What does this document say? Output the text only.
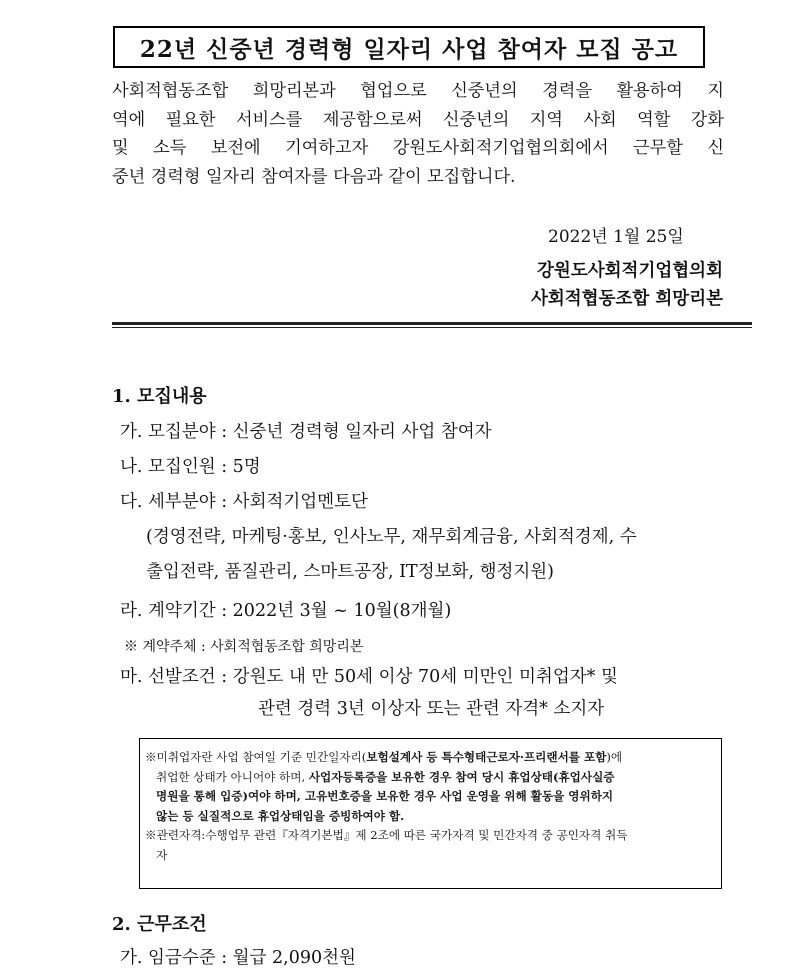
22년 신중년 경력형 일자리 사업 참여자 모집 공고
사회적협동조합 희망리본과 협업으로 신중년의 경력을 활용하여 지
역에 필요한 서비스를 제공함으로써 신중년의 지역 사회 역할 강화
및 소득 보전에 기여하고자 강원도사회적기업협의회에서 근무할 신
중년 경력형 일자리 참여자를 다음과 같이 모집합니다.
2022년 1월 25일
강원도사회적기업협의회
사회적협동조합 희망리본
1. 모집내용
가. 모집분야 : 신중년 경력형 일자리 사업 참여자
나. 모집인원 : 5명
다. 세부분야 : 사회적기업멘토단
(경영전략, 마케팅·홍보, 인사노무, 재무회계금융, 사회적경제, 수
출입전략, 품질관리, 스마트공장, IT정보화, 행정지원)
라. 계약기간 : 2022년 3월 ~ 10월(8개월)
※ 계약주체 : 사회적협동조합 희망리본
마. 선발조건 : 강원도 내 만 50세 이상 70세 미만인 미취업자* 및
관련 경력 3년 이상자 또는 관련 자격* 소지자
※미취업자란 사업 참여일 기준 민간일자리(보험설계사 등 특수형태근로자·프리랜서를 포함)에
취업한 상태가 아니어야 하며, 사업자등록증을 보유한 경우 참여 당시 휴업상태(휴업사실증
명원을 통해 입증)여야 하며, 고유번호증을 보유한 경우 사업 운영을 위해 활동을 영위하지
않는 등 실질적으로 휴업상태임을 증빙하여야 함.
※관련자격:수행업무 관련『자격기본법』제 2조에 따른 국가자격 및 민간자격 중 공인자격 취득
자
2. 근무조건
가. 임금수준 : 월급 2,090천원
